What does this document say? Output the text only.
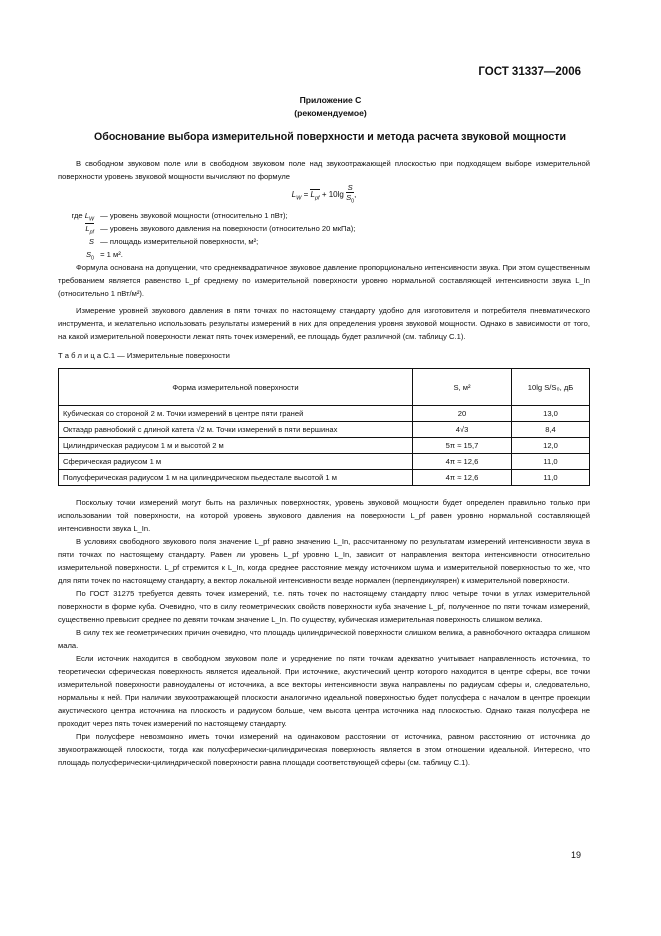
ГОСТ 31337—2006
Приложение С
(рекомендуемое)
Обоснование выбора измерительной поверхности и метода расчета звуковой мощности

В свободном звуковом поле или в свободном звуковом поле над звукоотражающей плоскостью при подходящем выборе измерительной поверхности уровень звуковой мощности вычисляют по формуле

$L_W = L_{pf} + 10\lg \frac{S}{S_0}$ ,
где $L_W$ — уровень звуковой мощности (относительно 1 пВт);
$L_{pf}$ — уровень звукового давления на поверхности (относительно 20 мкПа);
S — площадь измерительной поверхности, м²;
$S_0 = 1$ м².

Формула основана на допущении, что среднеквадратичное звуковое давление пропорционально интенсивности звука. При этом существенным требованием является равенство L_pf среднему по измерительной поверхности уровню нормальной составляющей интенсивности звука L_In (относительно 1 пВт/м²).

Измерение уровней звукового давления в пяти точках по настоящему стандарту удобно для изготовителя и потребителя пневматического инструмента, и желательно использовать результаты измерений в них для определения уровня звуковой мощности. Однако в зависимости от того, на какой измерительной поверхности лежат пять точек измерений, ее площадь будет различной (см. таблицу С.1).

Т а б л и ц а С.1 — Измерительные поверхности
Форма измерительной поверхности	S, м²	10lg S/S₀, дБ
Кубическая со стороной 2 м. Точки измерений в центре пяти граней	20	13,0
Октаэдр равнобокий с длиной катета √2 м. Точки измерений в пяти вершинах	4√3	8,4
Цилиндрическая радиусом 1 м и высотой 2 м	5π ≈ 15,7	12,0
Сферическая радиусом 1 м	4π ≈ 12,6	11,0
Полусферическая радиусом 1 м на цилиндрическом пьедестале высотой 1 м	4π ≈ 12,6	11,0

Поскольку точки измерений могут быть на различных поверхностях, уровень звуковой мощности будет определен правильно только при использовании той поверхности, на которой уровень звукового давления на поверхности L_pf равен уровню нормальной составляющей интенсивности звука L_In.

В условиях свободного звукового поля значение L_pf равно значению L_In, рассчитанному по результатам измерений интенсивности звука в пяти точках по настоящему стандарту. Равен ли уровень L_pf уровню L_In, зависит от направления вектора интенсивности относительно измерительной поверхности. L_pf стремится к L_In, когда среднее расстояние между источником шума и измерительной поверхностью то же, что для пяти точек по настоящему стандарту, а вектор локальной интенсивности везде нормален (перпендикулярен) к измерительной поверхности.

По ГОСТ 31275 требуется девять точек измерений, т.е. пять точек по настоящему стандарту плюс четыре точки в углах измерительной поверхности в форме куба. Очевидно, что в силу геометрических свойств поверхности куба значение L_pf, полученное по пяти точкам измерений, существенно превысит среднее по девяти точкам значение L_In. По существу, кубическая измерительная поверхность слишком велика.

В силу тех же геометрических причин очевидно, что площадь цилиндрической поверхности слишком велика, а равнобочного октаэдра слишком мала.

Если источник находится в свободном звуковом поле и усреднение по пяти точкам адекватно учитывает направленность источника, то теоретически сферическая поверхность является идеальной. При источнике, акустический центр которого находится в центре сферы, все точки измерительной поверхности равноудалены от источника, а все векторы интенсивности звука направлены по радиусам сферы и, следовательно, нормальны к ней. При наличии звукоотражающей плоскости аналогично идеальной поверхностью будет полусфера с началом в центре проекции акустического центра источника на плоскость и радиусом больше, чем высота центра источника над плоскостью. Однако такая полусфера не проходит через пять точек измерений по настоящему стандарту.

При полусфере невозможно иметь точки измерений на одинаковом расстоянии от источника, равном расстоянию от источника до звукоотражающей плоскости, тогда как полусферически-цилиндрическая поверхность является в этом отношении идеальной. Интересно, что площадь полусферически-цилиндрической поверхности равна площади соответствующей сферы (см. таблицу С.1).

19
